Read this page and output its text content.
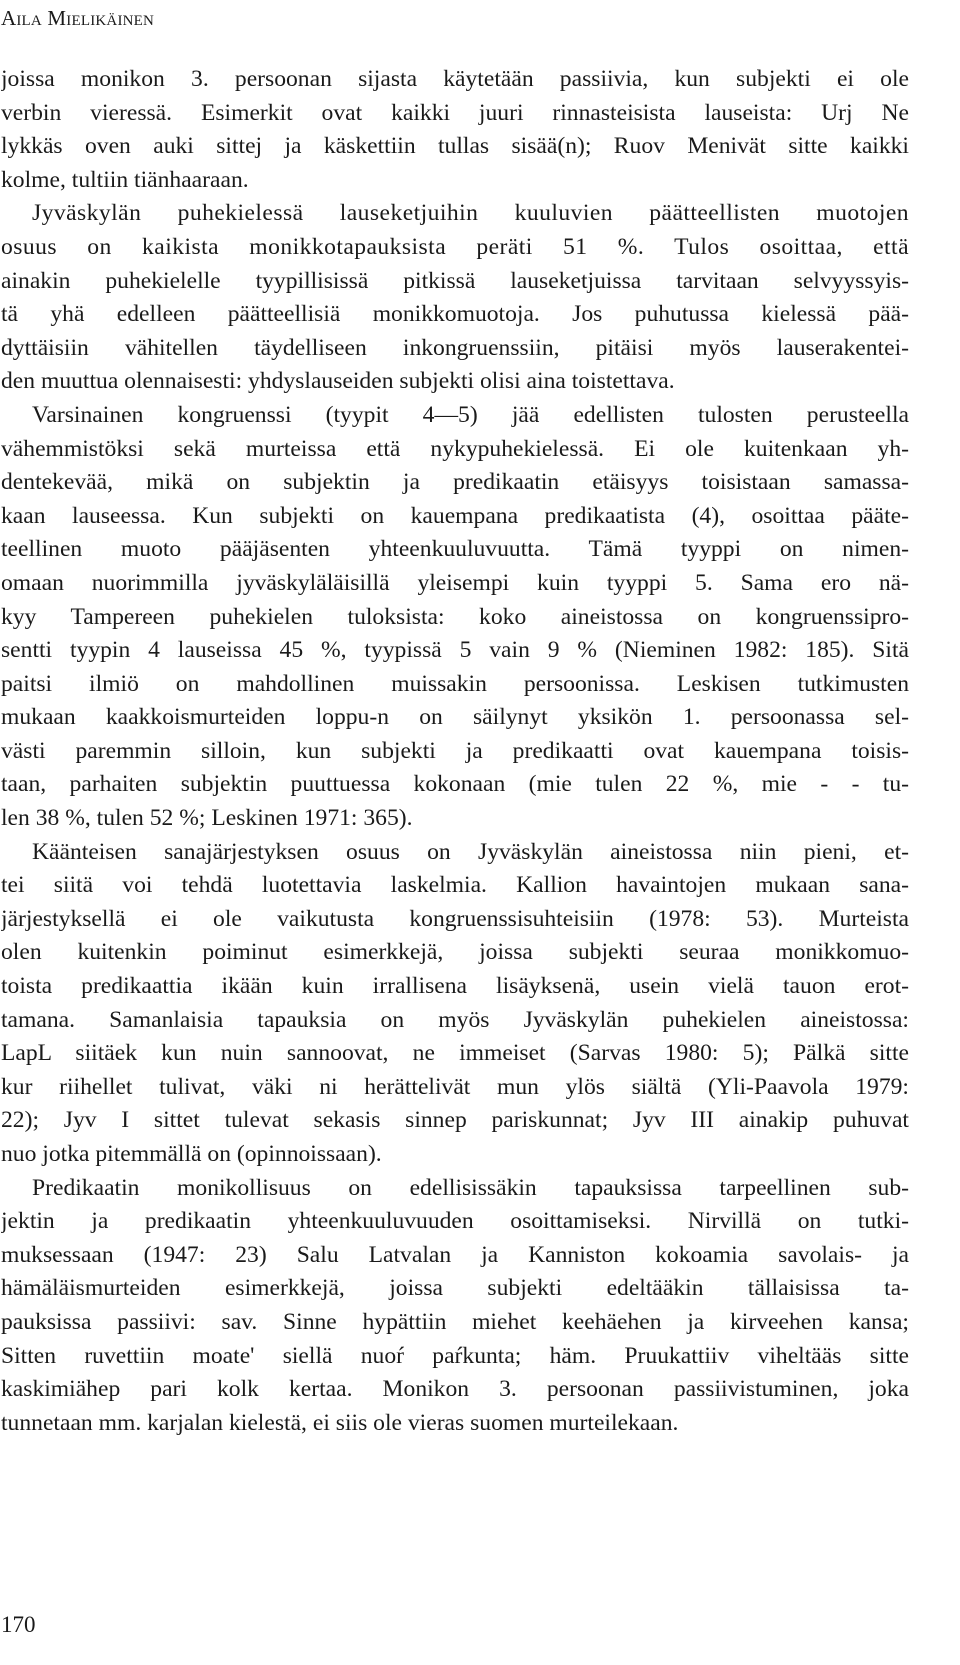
Aila Mielikäinen
joissa monikon 3. persoonan sijasta käytetään passiivia, kun subjekti ei ole
verbin vieressä. Esimerkit ovat kaikki juuri rinnasteisista lauseista: Urj Ne
lykkäs oven auki sittej ja käskettiin tullas sisää(n); Ruov Menivät sitte kaikki
kolme, tultiin tiänhaaraan.
Jyväskylän puhekielessä lauseketjuihin kuuluvien päätteellisten muotojen
osuus on kaikista monikkotapauksista peräti 51 %. Tulos osoittaa, että
ainakin puhekielelle tyypillisissä pitkissä lauseketjuissa tarvitaan selvyyssyis-
tä yhä edelleen päätteellisiä monikkomuotoja. Jos puhutussa kielessä pää-
dyttäisiin vähitellen täydelliseen inkongruenssiin, pitäisi myös lauserakentei-
den muuttua olennaisesti: yhdyslauseiden subjekti olisi aina toistettava.
Varsinainen kongruenssi (tyypit 4—5) jää edellisten tulosten perusteella
vähemmistöksi sekä murteissa että nykypuhekielessä. Ei ole kuitenkaan yh-
dentekevää, mikä on subjektin ja predikaatin etäisyys toisistaan samassa-
kaan lauseessa. Kun subjekti on kauempana predikaatista (4), osoittaa pääte-
teellinen muoto pääjäsenten yhteenkuuluvuutta. Tämä tyyppi on nimen-
omaan nuorimmilla jyväskyläläisillä yleisempi kuin tyyppi 5. Sama ero nä-
kyy Tampereen puhekielen tuloksista: koko aineistossa on kongruenssipro-
sentti tyypin 4 lauseissa 45 %, tyypissä 5 vain 9 % (Nieminen 1982: 185). Sitä
paitsi ilmiö on mahdollinen muissakin persoonissa. Leskisen tutkimusten
mukaan kaakkoismurteiden loppu-n on säilynyt yksikön 1. persoonassa sel-
västi paremmin silloin, kun subjekti ja predikaatti ovat kauempana toisis-
taan, parhaiten subjektin puuttuessa kokonaan (mie tulen 22 %, mie - - tu-
len 38 %, tulen 52 %; Leskinen 1971: 365).
Käänteisen sanajärjestyksen osuus on Jyväskylän aineistossa niin pieni, et-
tei siitä voi tehdä luotettavia laskelmia. Kallion havaintojen mukaan sana-
järjestyksellä ei ole vaikutusta kongruenssisuhteisiin (1978: 53). Murteista
olen kuitenkin poiminut esimerkkejä, joissa subjekti seuraa monikkomuo-
toista predikaattia ikään kuin irrallisena lisäyksenä, usein vielä tauon erot-
tamana. Samanlaisia tapauksia on myös Jyväskylän puhekielen aineistossa:
LapL siitäek kun nuin sannoovat, ne immeiset (Sarvas 1980: 5); Pälkä sitte
kur riihellet tulivat, väki ni herättelivät mun ylös siältä (Yli-Paavola 1979:
22); Jyv I sittet tulevat sekasis sinnep pariskunnat; Jyv III ainakip puhuvat
nuo jotka pitemmällä on (opinnoissaan).
Predikaatin monikollisuus on edellisissäkin tapauksissa tarpeellinen sub-
jektin ja predikaatin yhteenkuuluvuuden osoittamiseksi. Nirvillä on tutki-
muksessaan (1947: 23) Salu Latvalan ja Kanniston kokoamia savolais- ja
hämäläismurteiden esimerkkejä, joissa subjekti edeltääkin tällaisissa ta-
pauksissa passiivi: sav. Sinne hypättiin miehet keehäehen ja kirveehen kansa;
Sitten ruvettiin moate' siellä nuoŕ paŕkunta; häm. Pruukattiiv viheltääs sitte
kaskimiähep pari kolk kertaa. Monikon 3. persoonan passiivistuminen, joka
tunnetaan mm. karjalan kielestä, ei siis ole vieras suomen murteilekaan.
170
